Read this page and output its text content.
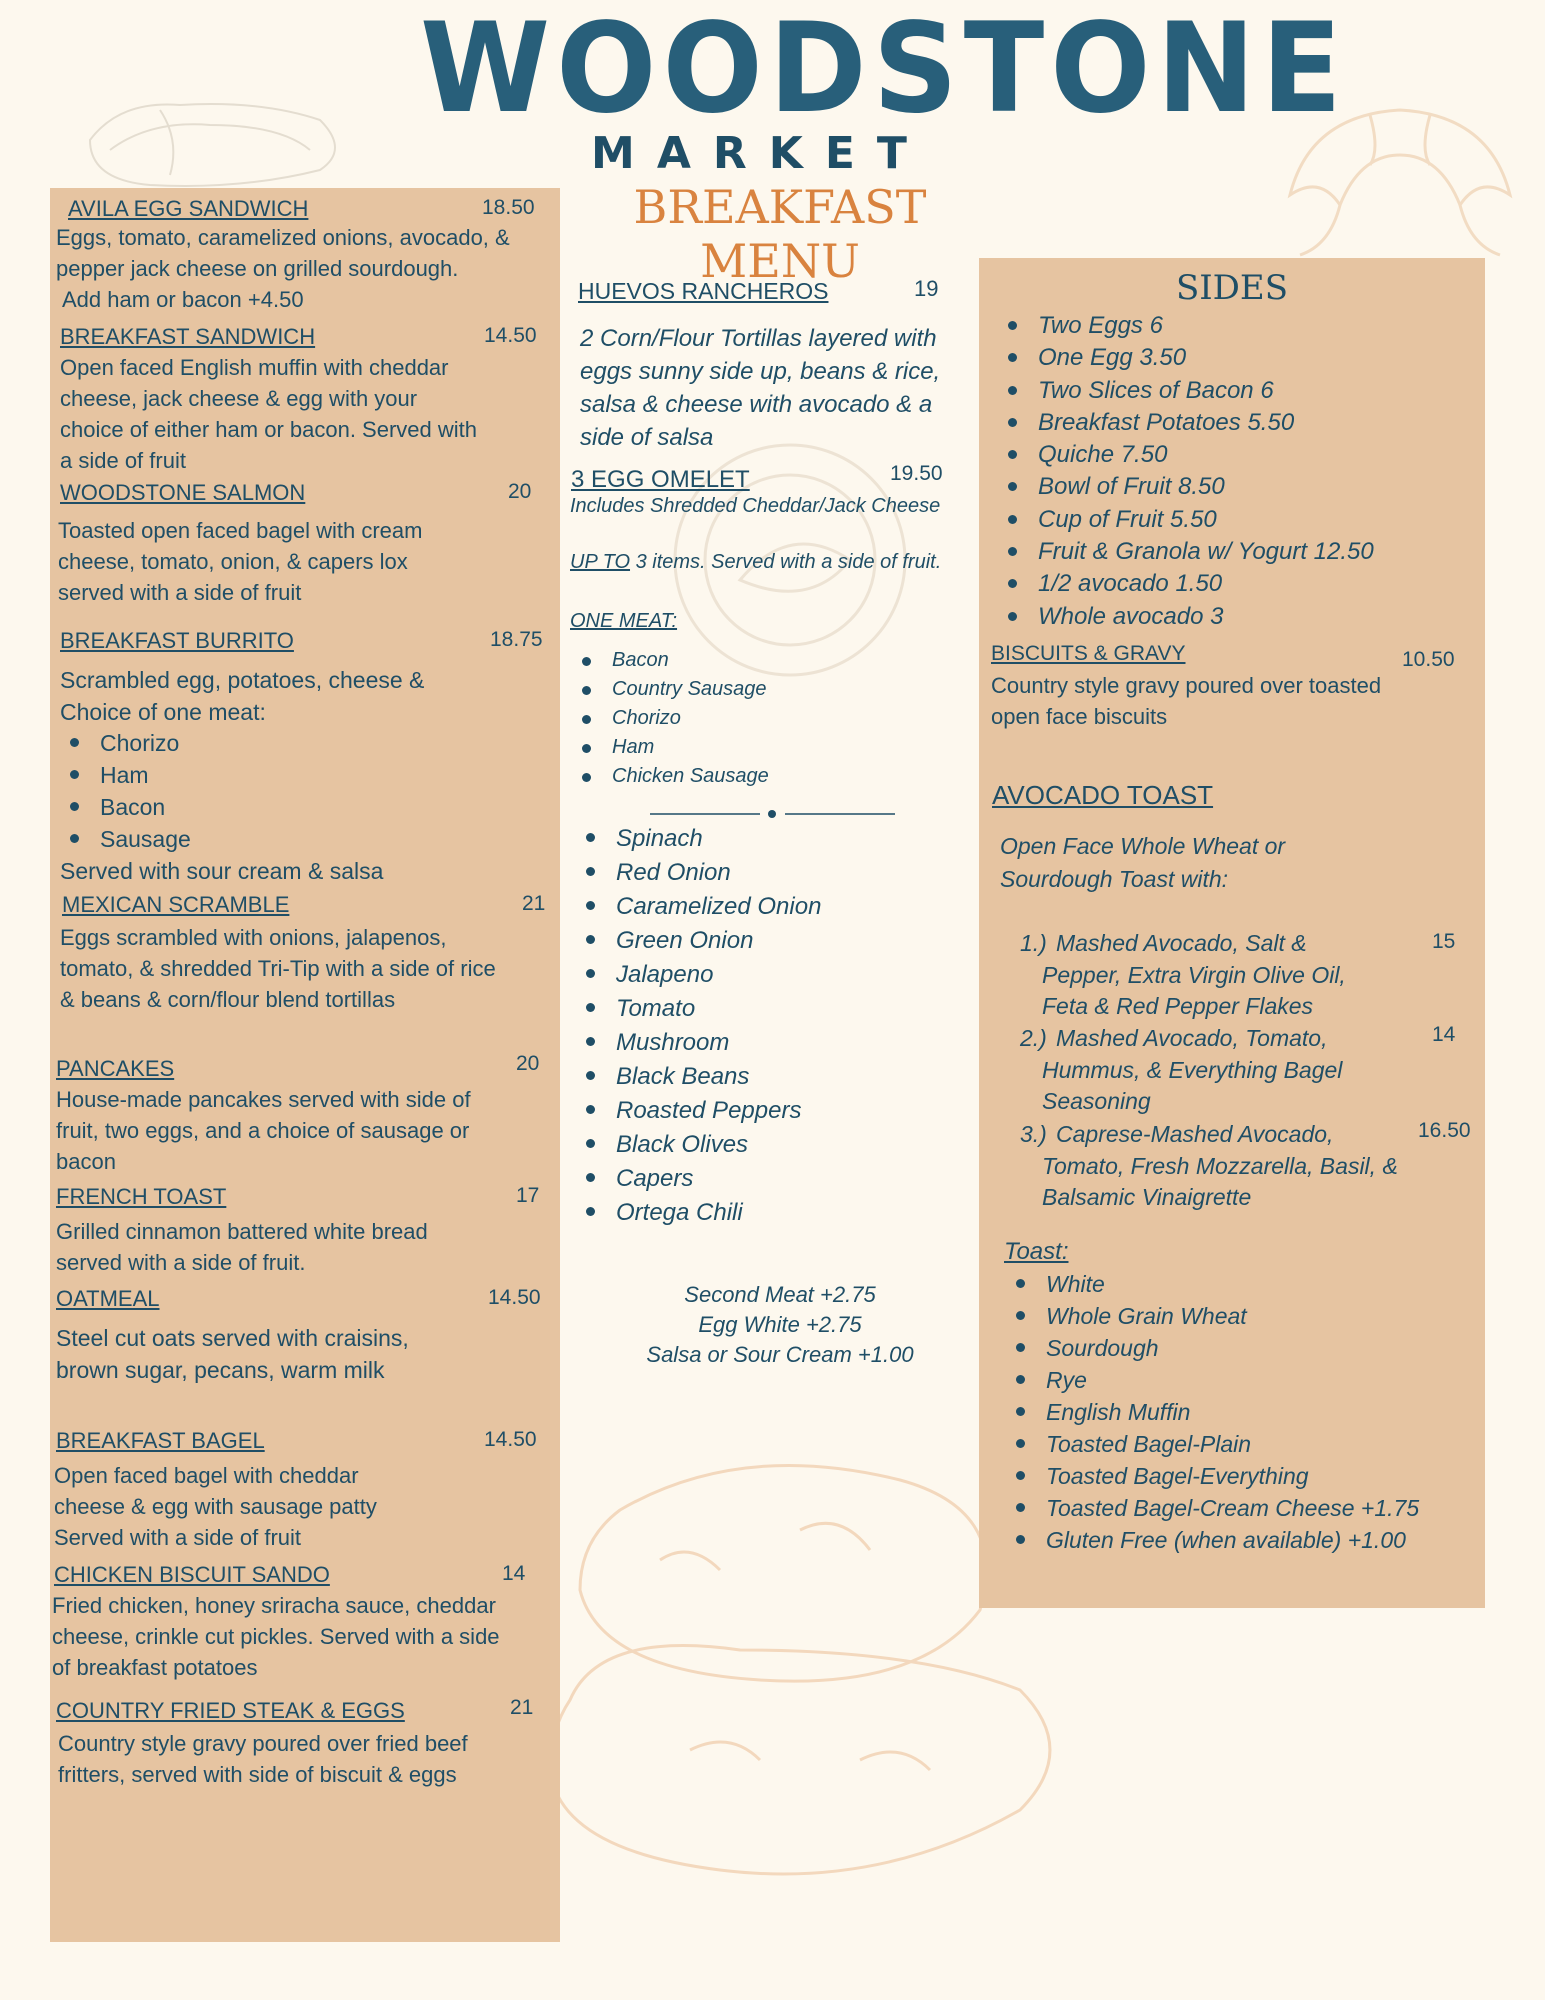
WOODSTONE
MARKET
BREAKFAST MENU
AVILA EGG SANDWICH	18.50
Eggs, tomato, caramelized onions, avocado, & pepper jack cheese on grilled sourdough.
Add ham or bacon +4.50
BREAKFAST SANDWICH	14.50
Open faced English muffin with cheddar cheese, jack cheese & egg with your choice of either ham or bacon. Served with a side of fruit
WOODSTONE SALMON	20
Toasted open faced bagel with cream cheese, tomato, onion, & capers lox served with a side of fruit
BREAKFAST BURRITO	18.75
Scrambled egg, potatoes, cheese & Choice of one meat:
Chorizo
Ham
Bacon
Sausage
Served with sour cream & salsa
MEXICAN SCRAMBLE	21
Eggs scrambled with onions, jalapenos, tomato, & shredded Tri-Tip with a side of rice & beans & corn/flour blend tortillas
PANCAKES	20
House-made pancakes served with side of fruit, two eggs, and a choice of sausage or bacon
FRENCH TOAST	17
Grilled cinnamon battered white bread served with a side of fruit.
OATMEAL	14.50
Steel cut oats served with craisins, brown sugar, pecans, warm milk
BREAKFAST BAGEL	14.50
Open faced bagel with cheddar cheese & egg with sausage patty Served with a side of fruit
CHICKEN BISCUIT SANDO	14
Fried chicken, honey sriracha sauce, cheddar cheese, crinkle cut pickles. Served with a side of breakfast potatoes
COUNTRY FRIED STEAK & EGGS	21
Country style gravy poured over fried beef fritters, served with side of biscuit & eggs
HUEVOS RANCHEROS	19
2 Corn/Flour Tortillas layered with eggs sunny side up, beans & rice, salsa & cheese with avocado & a side of salsa
3 EGG OMELET	19.50
Includes Shredded Cheddar/Jack Cheese
UP TO 3 items. Served with a side of fruit.
ONE MEAT:
Bacon
Country Sausage
Chorizo
Ham
Chicken Sausage
Spinach
Red Onion
Caramelized Onion
Green Onion
Jalapeno
Tomato
Mushroom
Black Beans
Roasted Peppers
Black Olives
Capers
Ortega Chili
Second Meat +2.75
Egg White +2.75
Salsa or Sour Cream +1.00
SIDES
Two Eggs 6
One Egg 3.50
Two Slices of Bacon 6
Breakfast Potatoes 5.50
Quiche 7.50
Bowl of Fruit 8.50
Cup of Fruit 5.50
Fruit & Granola w/ Yogurt 12.50
1/2 avocado 1.50
Whole avocado 3
BISCUITS & GRAVY	10.50
Country style gravy poured over toasted open face biscuits
AVOCADO TOAST
Open Face Whole Wheat or Sourdough Toast with:
1.) Mashed Avocado, Salt & Pepper, Extra Virgin Olive Oil, Feta & Red Pepper Flakes
15
2.) Mashed Avocado, Tomato, Hummus, & Everything Bagel Seasoning
14
3.) Caprese-Mashed Avocado, Tomato, Fresh Mozzarella, Basil, & Balsamic Vinaigrette
16.50
Toast:
White
Whole Grain Wheat
Sourdough
Rye
English Muffin
Toasted Bagel-Plain
Toasted Bagel-Everything
Toasted Bagel-Cream Cheese +1.75
Gluten Free (when available) +1.00
